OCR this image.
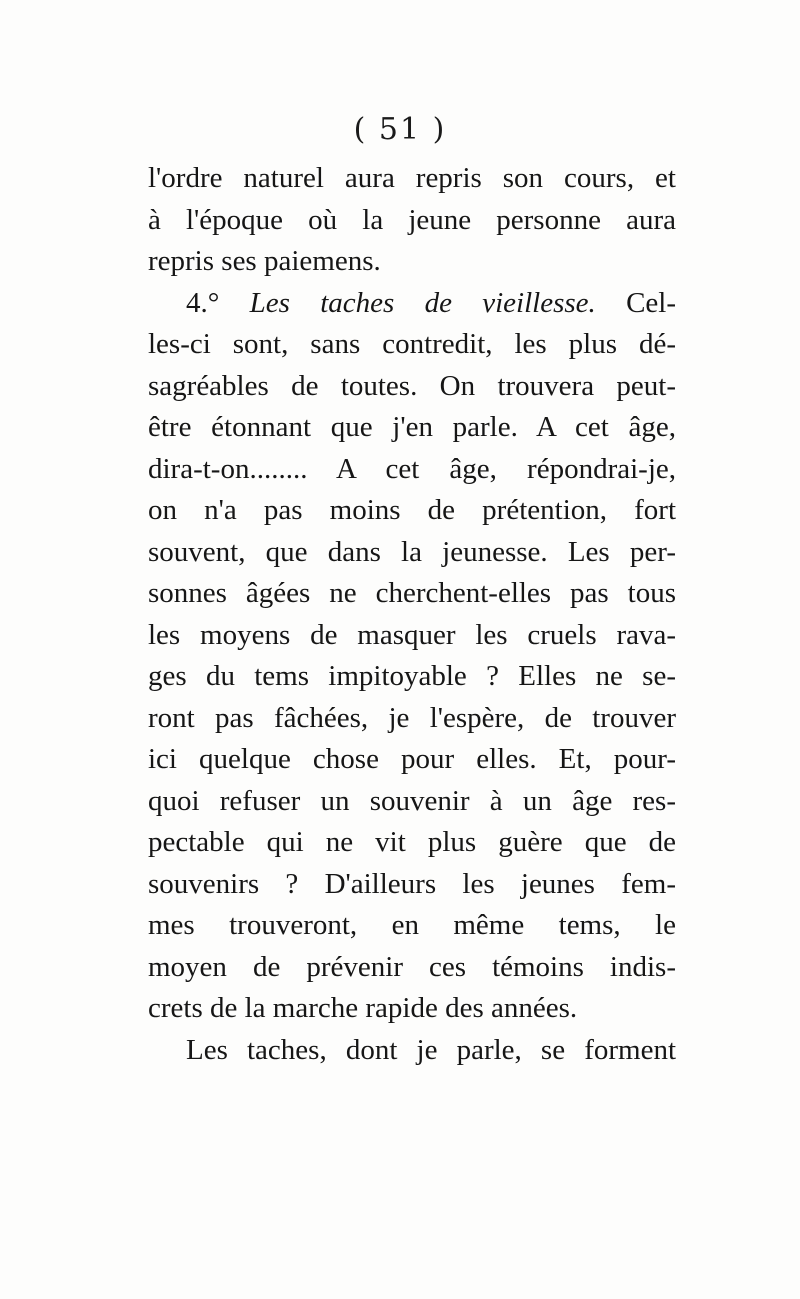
( 51 )
l'ordre naturel aura repris son cours, et
à l'époque où la jeune personne aura
repris ses paiemens.
4.° Les taches de vieillesse. Cel-
les-ci sont, sans contredit, les plus dé-
sagréables de toutes. On trouvera peut-
être étonnant que j'en parle. A cet âge,
dira-t-on........ A cet âge, répondrai-je,
on n'a pas moins de prétention, fort
souvent, que dans la jeunesse. Les per-
sonnes âgées ne cherchent-elles pas tous
les moyens de masquer les cruels rava-
ges du tems impitoyable ? Elles ne se-
ront pas fâchées, je l'espère, de trouver
ici quelque chose pour elles. Et, pour-
quoi refuser un souvenir à un âge res-
pectable qui ne vit plus guère que de
souvenirs ? D'ailleurs les jeunes fem-
mes trouveront, en même tems, le
moyen de prévenir ces témoins indis-
crets de la marche rapide des années.
Les taches, dont je parle, se forment
